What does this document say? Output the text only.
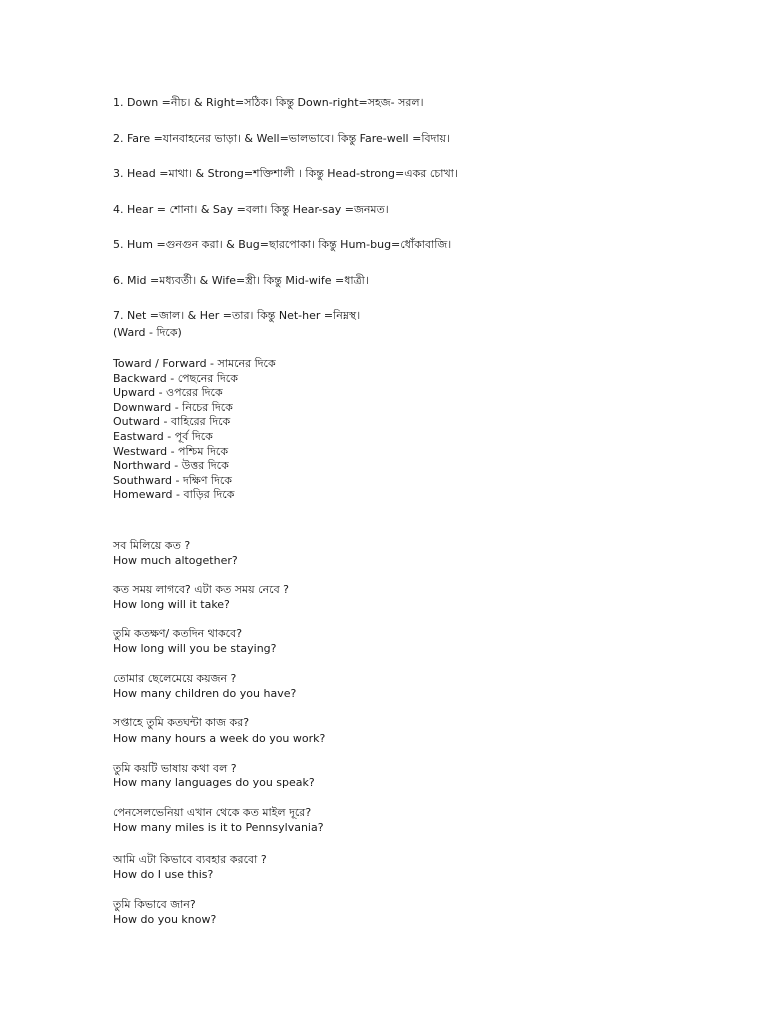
1. Down =নীচ। & Right=সঠিক। কিন্তু Down-right=সহজ- সরল।

2. Fare =যানবাহনের ভাড়া। & Well=ভালভাবে। কিন্তু Fare-well =বিদায়।

3. Head =মাথা। & Strong=শক্তিশালী । কিন্তু Head-strong=একর চোখা।

4. Hear = শোনা। & Say =বলা। কিন্তু Hear-say =জনমত।

5. Hum =গুনগুন করা। & Bug=ছারপোকা। কিন্তু Hum-bug=ধোঁকাবাজি।

6. Mid =মধ্যবর্তী। & Wife=স্ত্রী। কিন্তু Mid-wife =ধাত্রী।

7. Net =জাল। & Her =তার। কিন্তু Net-her =নিম্নস্থ।

(Ward - দিকে)

Toward / Forward - সামনের দিকে

Backward - পেছনের দিকে

Upward - ওপরের দিকে

Downward - নিচের দিকে

Outward - বাহিরের দিকে

Eastward - পূর্ব দিকে

Westward - পশ্চিম দিকে

Northward - উত্তর দিকে

Southward - দক্ষিণ দিকে

Homeward - বাড়ির দিকে

সব মিলিয়ে কত ?

How much altogether?

কত সময় লাগবে? এটা কত সময় নেবে ?

How long will it take?

তুমি কতক্ষণ/ কতদিন থাকবে?

How long will you be staying?

তোমার ছেলেমেয়ে কয়জন ?

How many children do you have?

সপ্তাহে তুমি কতঘন্টা কাজ কর?

How many hours a week do you work?

তুমি কয়টি ভাষায় কথা বল ?

How many languages do you speak?

পেনসেলভেনিয়া এখান থেকে কত মাইল দূরে?

How many miles is it to Pennsylvania?

আমি এটা কিভাবে ব্যবহার করবো ?

How do I use this?

তুমি কিভাবে জান?

How do you know?
